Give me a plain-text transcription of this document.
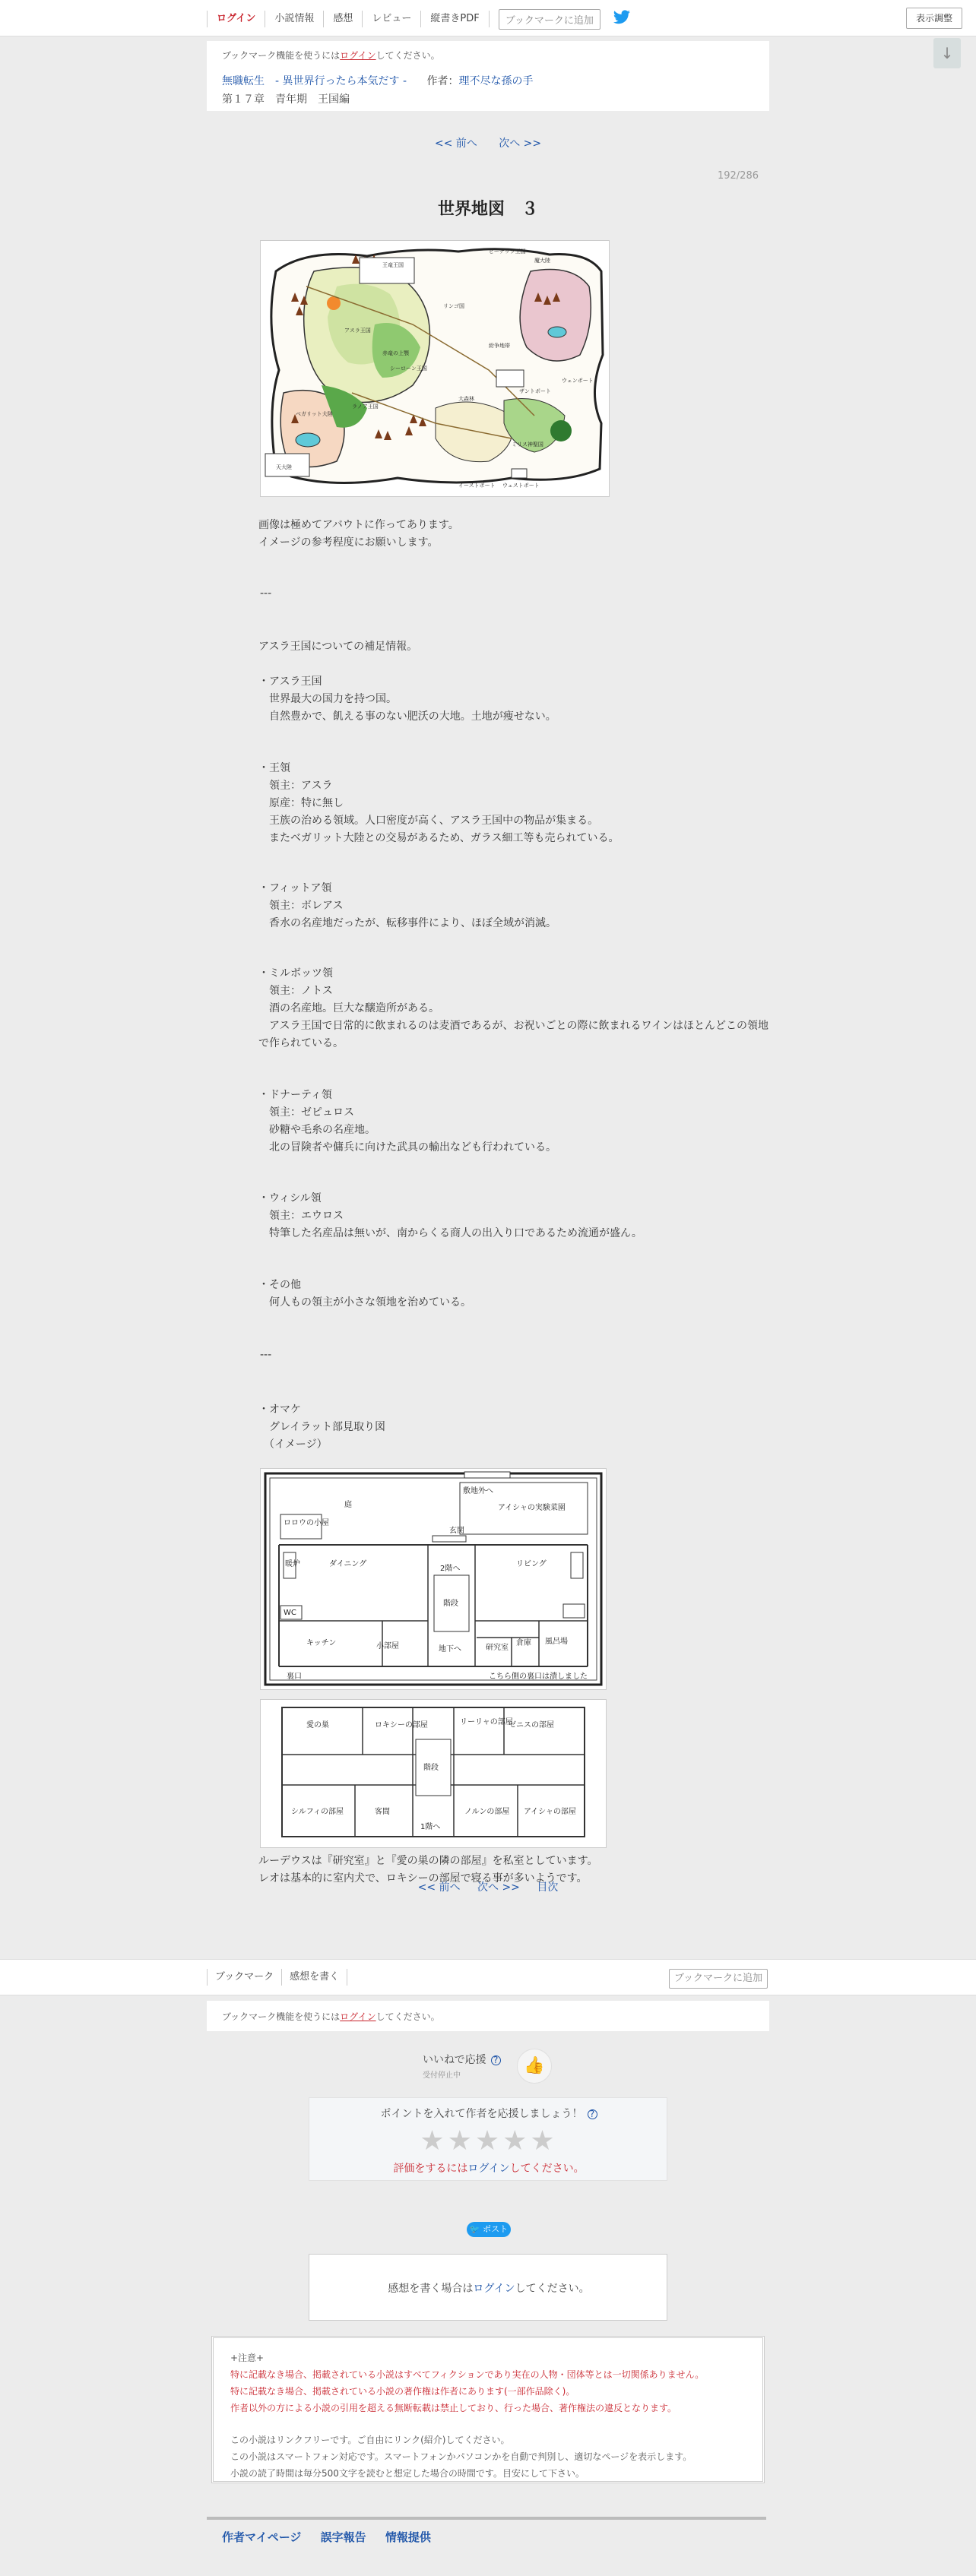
ログイン	小説情報	感想	レビュー	縦書きPDF	ブックマークに追加	表示調整
↓
ブックマーク機能を使うにはログインしてください。
無職転生　- 異世界行ったら本気だす - 作者：理不尽な孫の手
第１７章　青年期　王国編
<< 前へ 次へ >>
192/286
世界地図　３
ピーナッツ王国
アスラ王国
王竜王国
ミリス神聖国
魔大陸
ラノア王国
シーローン王国
リンゴ国
赤竜の上顎
ザントポート
ウェンポート
イーストポート ウェストポート
紛争地帯
大森林
天大陸
ベガリット大陸
画像は極めてアバウトに作ってあります。
イメージの参考程度にお願いします。
---
アスラ王国についての補足情報。
・アスラ王国
　世界最大の国力を持つ国。
　自然豊かで、飢える事のない肥沃の大地。土地が痩せない。
・王領
　領主：アスラ
　原産：特に無し
　王族の治める領域。人口密度が高く、アスラ王国中の物品が集まる。
　またベガリット大陸との交易があるため、ガラス細工等も売られている。
・フィットア領
　領主：ボレアス
　香水の名産地だったが、転移事件により、ほぼ全域が消滅。
・ミルボッツ領
　領主：ノトス
　酒の名産地。巨大な醸造所がある。
　アスラ王国で日常的に飲まれるのは麦酒であるが、お祝いごとの際に飲まれるワインはほとんどこの領地で作られている。
・ドナーティ領
　領主：ゼピュロス
　砂糖や毛糸の名産地。
　北の冒険者や傭兵に向けた武具の輸出なども行われている。
・ウィシル領
　領主：エウロス
　特筆した名産品は無いが、南からくる商人の出入り口であるため流通が盛ん。
・その他
　何人もの領主が小さな領地を治めている。
---
・オマケ
　グレイラット部見取り図
　（イメージ）
庭
敷地外へ
アイシャの実験菜園
ロロウの小屋
玄関
暖炉	ダイニング
2階へ
リビング
階段
WC
キッチン	小部屋	地下へ	研究室
倉庫 風呂場
裏口	こちら側の裏口は潰しました
愛の巣	ロキシーの部屋	リーリャの部屋
ゼニスの部屋
階段
シルフィの部屋	客間
1階へ
ノルンの部屋 アイシャの部屋
ルーデウスは『研究室』と『愛の巣の隣の部屋』を私室としています。
レオは基本的に室内犬で、ロキシーの部屋で寝る事が多いようです。
<< 前へ 次へ >> 目次
ブックマーク	感想を書く	ブックマークに追加
ブックマーク機能を使うにはログインしてください。
いいねで応援 ?
受付停止中
👍
ポイントを入れて作者を応援しましょう！ ?
★★★★★
評価をするにはログインしてください。
🐦 ポスト
感想を書く場合はログインしてください。
+注意+
特に記載なき場合、掲載されている小説はすべてフィクションであり実在の人物・団体等とは一切関係ありません。
特に記載なき場合、掲載されている小説の著作権は作者にあります(一部作品除く)。
作者以外の方による小説の引用を超える無断転載は禁止しており、行った場合、著作権法の違反となります。
この小説はリンクフリーです。ご自由にリンク(紹介)してください。
この小説はスマートフォン対応です。スマートフォンかパソコンかを自動で判別し、適切なページを表示します。
小説の読了時間は毎分500文字を読むと想定した場合の時間です。目安にして下さい。
作者マイページ 誤字報告 情報提供
